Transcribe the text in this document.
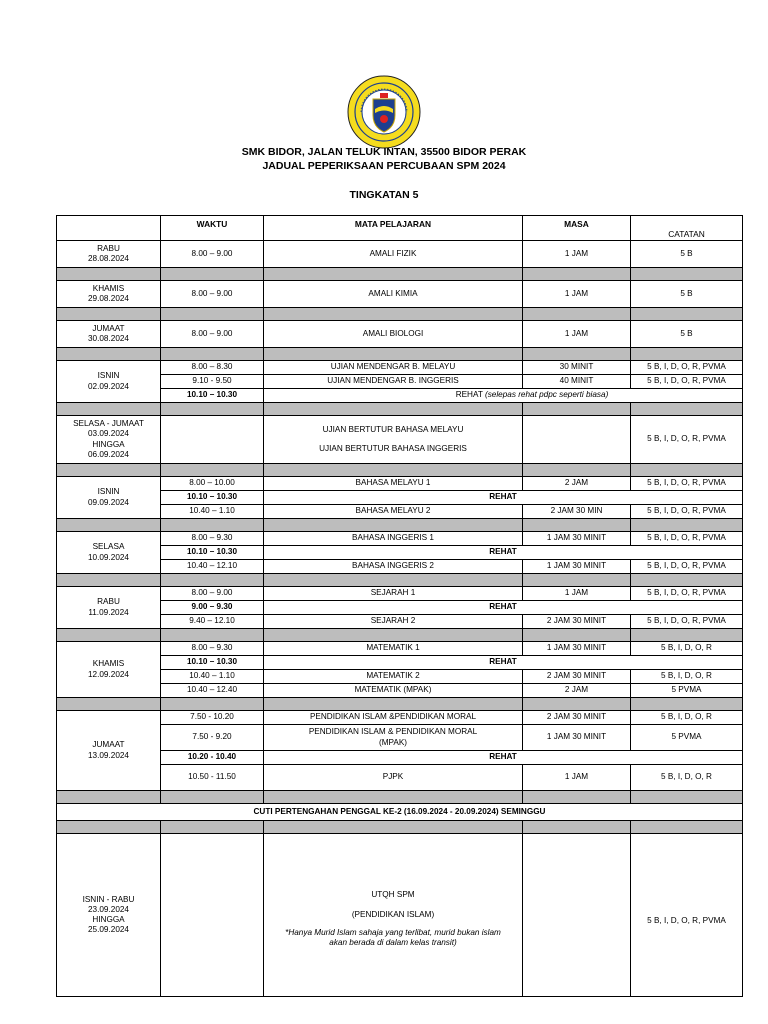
SMK BIDOR, JALAN TELUK INTAN, 35500 BIDOR PERAK
JADUAL PEPERIKSAAN PERCUBAAN SPM 2024
TINGKATAN 5
	WAKTU	MATA PELAJARAN	MASA	CATATAN	

RABU
28.08.2024	8.00 – 9.00	AMALI FIZIK	1 JAM	5 B	

KHAMIS
29.08.2024	8.00 – 9.00	AMALI KIMIA	1 JAM	5 B	

JUMAAT
30.08.2024	8.00 – 9.00	AMALI BIOLOGI	1 JAM	5 B	

ISNIN
02.09.2024	8.00 – 8.30	UJIAN MENDENGAR B. MELAYU	30 MINIT	5 B, I, D, O, R, PVMA	
	9.10 - 9.50	UJIAN MENDENGAR B. INGGERIS	40 MINIT	5 B, I, D, O, R, PVMA	
	10.10 – 10.30	REHAT (selepas rehat pdpc seperti biasa)			

SELASA - JUMAAT
03.09.2024
HINGGA
06.09.2024		UJIAN BERTUTUR BAHASA MELAYU
UJIAN BERTUTUR BAHASA INGGERIS		5 B, I, D, O, R, PVMA	

ISNIN
09.09.2024	8.00 – 10.00	BAHASA MELAYU 1	2 JAM	5 B, I, D, O, R, PVMA	
	10.10 – 10.30	REHAT			
	10.40 – 1.10	BAHASA MELAYU 2	2 JAM 30 MIN	5 B, I, D, O, R, PVMA	

SELASA
10.09.2024	8.00 – 9.30	BAHASA INGGERIS 1	1 JAM 30 MINIT	5 B, I, D, O, R, PVMA	
	10.10 – 10.30	REHAT			
	10.40 – 12.10	BAHASA INGGERIS 2	1 JAM 30 MINIT	5 B, I, D, O, R, PVMA	

RABU
11.09.2024	8.00 – 9.00	SEJARAH 1	1 JAM	5 B, I, D, O, R, PVMA	
	9.00 – 9.30	REHAT			
	9.40 – 12.10	SEJARAH 2	2 JAM 30 MINIT	5 B, I, D, O, R, PVMA	

KHAMIS
12.09.2024	8.00 – 9.30	MATEMATIK 1	1 JAM 30 MINIT	5 B, I, D, O, R	
	10.10 – 10.30	REHAT			
	10.40 – 1.10	MATEMATIK 2	2 JAM 30 MINIT	5 B, I, D, O, R	
	10.40 – 12.40	MATEMATIK (MPAK)	2 JAM	5 PVMA	

JUMAAT
13.09.2024	7.50 - 10.20	PENDIDIKAN ISLAM &PENDIDIKAN MORAL	2 JAM 30 MINIT	5 B, I, D, O, R	
	7.50 - 9.20	PENDIDIKAN ISLAM & PENDIDIKAN MORAL
(MPAK)	1 JAM 30 MINIT	5 PVMA	
	10.20 - 10.40	REHAT			
	10.50 - 11.50	PJPK	1 JAM	5 B, I, D, O, R	

CUTI PERTENGAHAN PENGGAL KE-2 (16.09.2024 - 20.09.2024) SEMINGGU					

ISNIN - RABU
23.09.2024
HINGGA
25.09.2024		UTQH SPM
(PENDIDIKAN ISLAM)
*Hanya Murid Islam sahaja yang terlibat, murid bukan islam
akan berada di dalam kelas transit)		5 B, I, D, O, R, PVMA	
